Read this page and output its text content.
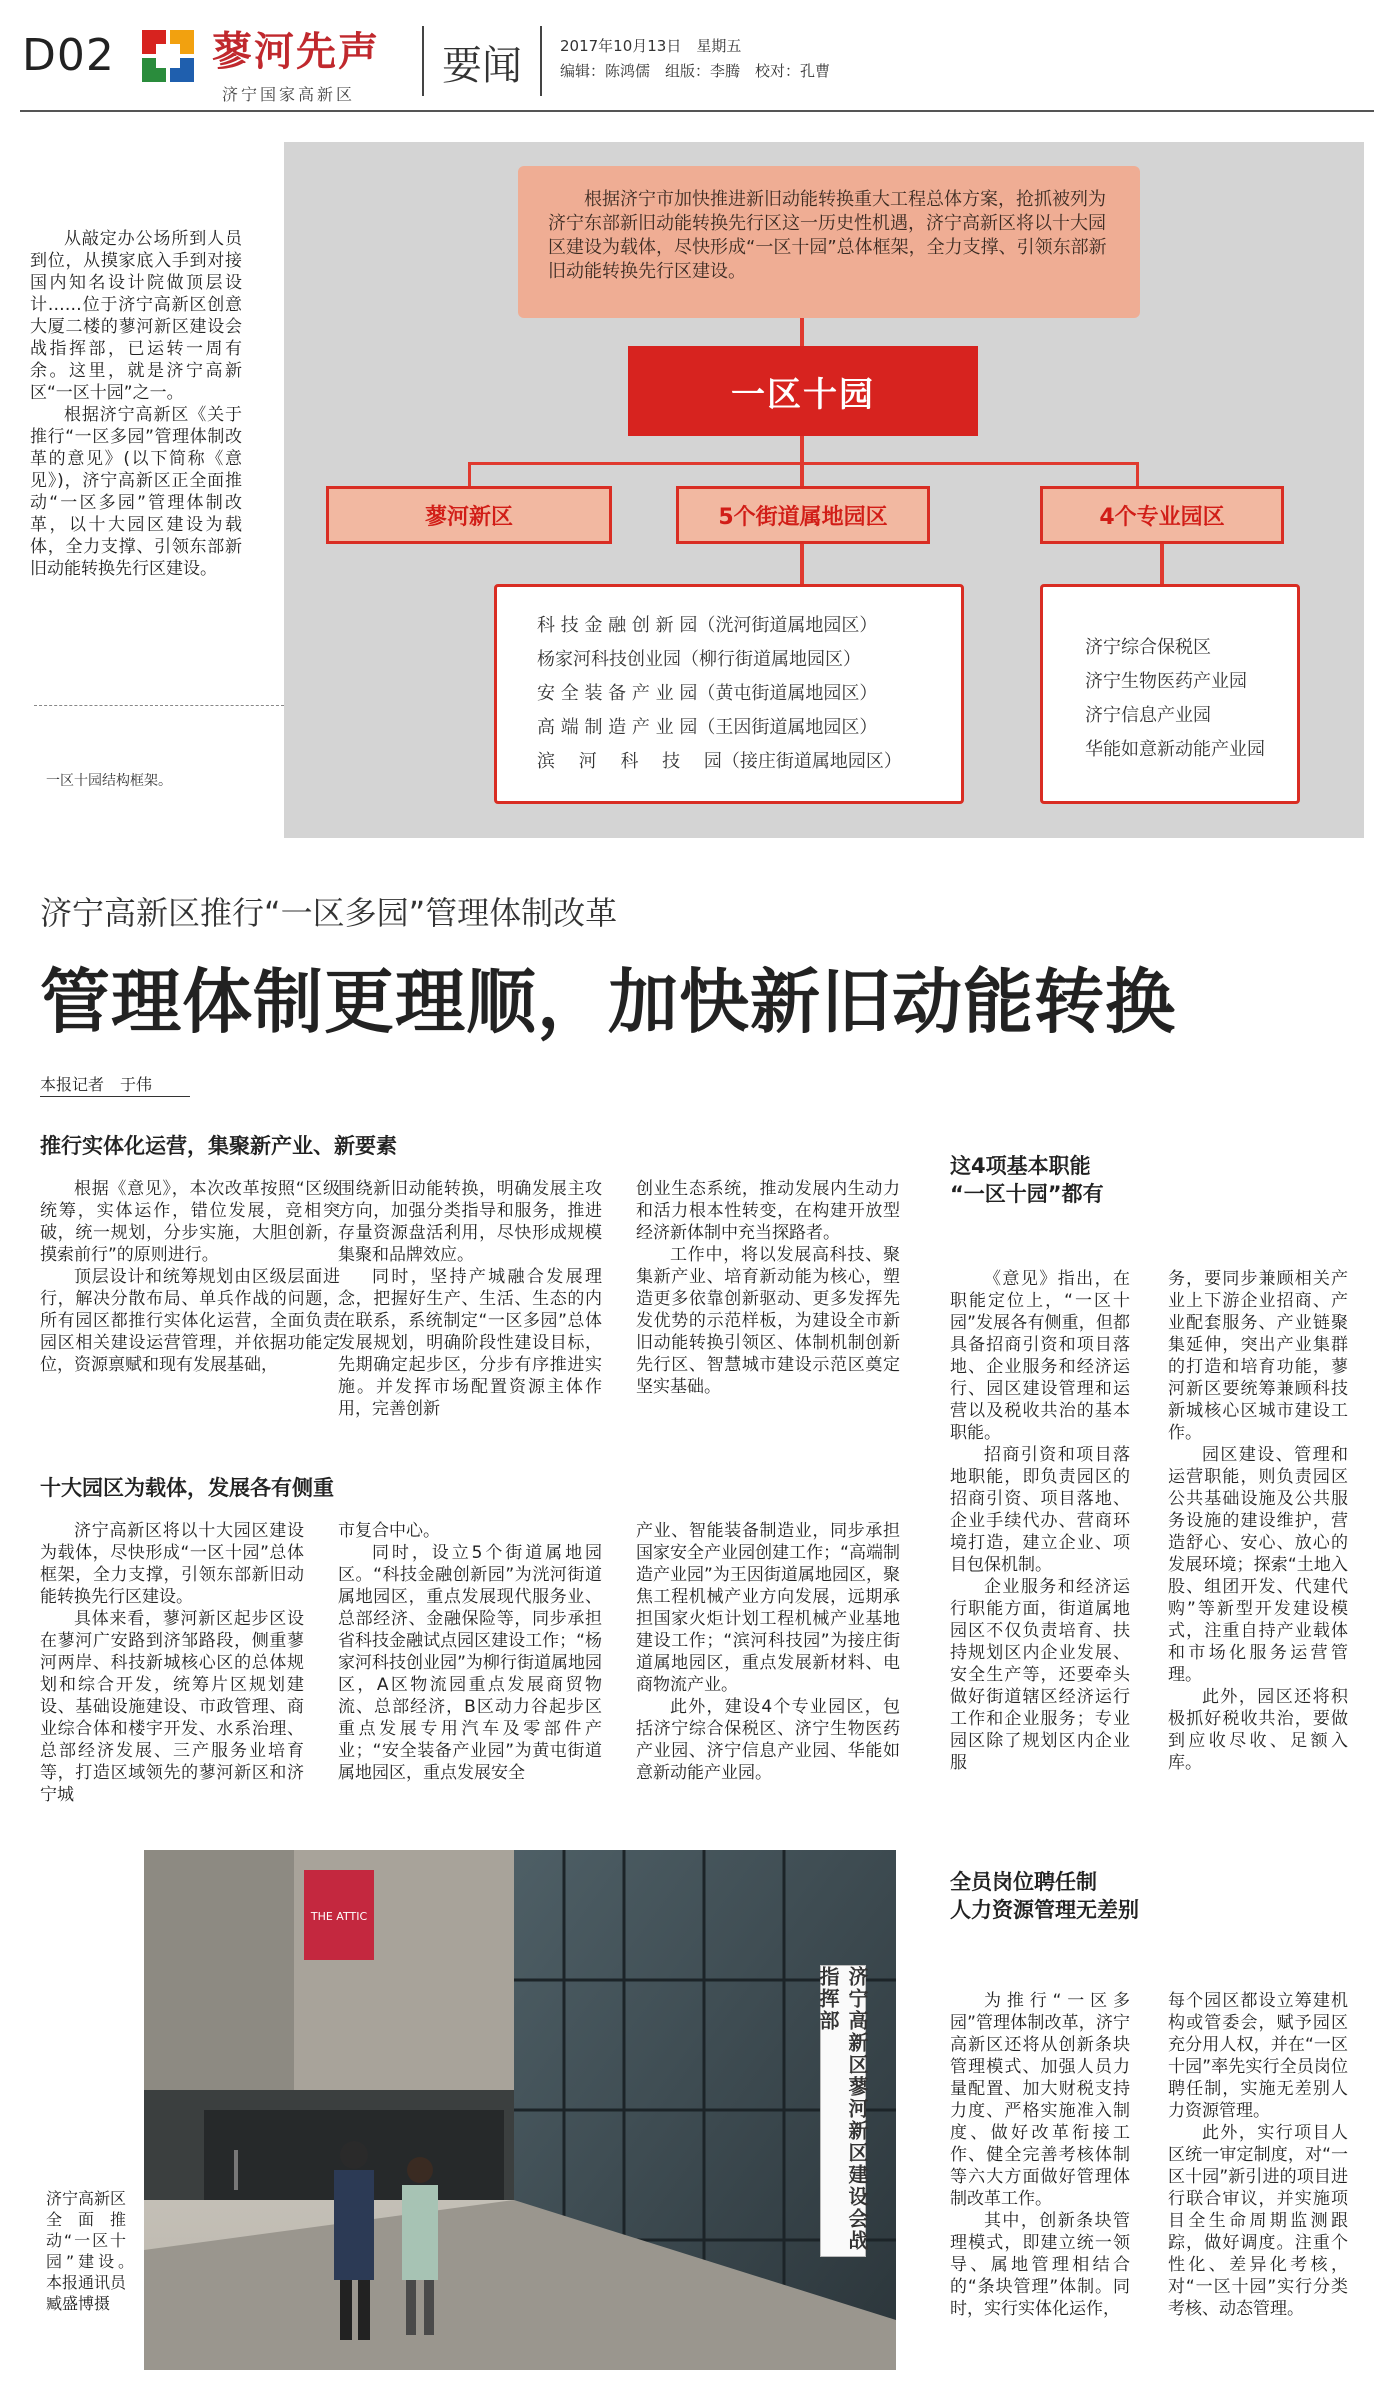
D02 蓼河先声
济宁国家高新区
要闻	2017年10月13日　星期五
编辑：陈鸿儒　组版：李腾　校对：孔曹

从敲定办公场所到人员到位，从摸家底入手到对接国内知名设计院做顶层设计……位于济宁高新区创意大厦二楼的蓼河新区建设会战指挥部，已运转一周有余。这里，就是济宁高新区“一区十园”之一。

根据济宁高新区《关于推行“一区多园”管理体制改革的意见》(以下简称《意见》)，济宁高新区正全面推动“一区多园”管理体制改革，以十大园区建设为载体，全力支撑、引领东部新旧动能转换先行区建设。

一区十园结构框架。
根据济宁市加快推进新旧动能转换重大工程总体方案，抢抓被列为济宁东部新旧动能转换先行区这一历史性机遇，济宁高新区将以十大园区建设为载体，尽快形成“一区十园”总体框架，全力支撑、引领东部新旧动能转换先行区建设。
一区十园
蓼河新区	5个街道属地园区	4个专业园区
科 技 金 融 创 新 园（洸河街道属地园区）
杨家河科技创业园（柳行街道属地园区）
安 全 装 备 产 业 园（黄屯街道属地园区）
高 端 制 造 产 业 园（王因街道属地园区）
滨　 河 　科 　技 　园（接庄街道属地园区）
济宁综合保税区
济宁生物医药产业园
济宁信息产业园
华能如意新动能产业园
济宁高新区推行“一区多园”管理体制改革
管理体制更理顺，加快新旧动能转换
本报记者　于伟
推行实体化运营，集聚新产业、新要素

根据《意见》，本次改革按照“区级统筹，实体运作，错位发展，竞相突破，统一规划，分步实施，大胆创新，摸索前行”的原则进行。

顶层设计和统筹规划由区级层面进行，解决分散布局、单兵作战的问题，所有园区都推行实体化运营，全面负责园区相关建设运营管理，并依据功能定位，资源禀赋和现有发展基础，

围绕新旧动能转换，明确发展主攻方向，加强分类指导和服务，推进存量资源盘活利用，尽快形成规模集聚和品牌效应。

同时，坚持产城融合发展理念，把握好生产、生活、生态的内在联系，系统制定“一区多园”总体发展规划，明确阶段性建设目标，先期确定起步区，分步有序推进实施。并发挥市场配置资源主体作用，完善创新

创业生态系统，推动发展内生动力和活力根本性转变，在构建开放型经济新体制中充当探路者。

工作中，将以发展高科技、聚集新产业、培育新动能为核心，塑造更多依靠创新驱动、更多发挥先发优势的示范样板，为建设全市新旧动能转换引领区、体制机制创新先行区、智慧城市建设示范区奠定坚实基础。

十大园区为载体，发展各有侧重

济宁高新区将以十大园区建设为载体，尽快形成“一区十园”总体框架，全力支撑，引领东部新旧动能转换先行区建设。

具体来看，蓼河新区起步区设在蓼河广安路到济邹路段，侧重蓼河两岸、科技新城核心区的总体规划和综合开发，统筹片区规划建设、基础设施建设、市政管理、商业综合体和楼宇开发、水系治理、总部经济发展、三产服务业培育等，打造区域领先的蓼河新区和济宁城

市复合中心。

同时，设立5个街道属地园区。“科技金融创新园”为洸河街道属地园区，重点发展现代服务业、总部经济、金融保险等，同步承担省科技金融试点园区建设工作；“杨家河科技创业园”为柳行街道属地园区，A区物流园重点发展商贸物流、总部经济，B区动力谷起步区重点发展专用汽车及零部件产业；“安全装备产业园”为黄屯街道属地园区，重点发展安全

产业、智能装备制造业，同步承担国家安全产业园创建工作；“高端制造产业园”为王因街道属地园区，聚焦工程机械产业方向发展，远期承担国家火炬计划工程机械产业基地建设工作；“滨河科技园”为接庄街道属地园区，重点发展新材料、电商物流产业。

此外，建设4个专业园区，包括济宁综合保税区、济宁生物医药产业园、济宁信息产业园、华能如意新动能产业园。

这4项基本职能
“一区十园”都有

《意见》指出，在职能定位上，“一区十园”发展各有侧重，但都具备招商引资和项目落地、企业服务和经济运行、园区建设管理和运营以及税收共治的基本职能。

招商引资和项目落地职能，即负责园区的招商引资、项目落地、企业手续代办、营商环境打造，建立企业、项目包保机制。

企业服务和经济运行职能方面，街道属地园区不仅负责培育、扶持规划区内企业发展、安全生产等，还要牵头做好街道辖区经济运行工作和企业服务；专业园区除了规划区内企业服

务，要同步兼顾相关产业上下游企业招商、产业配套服务、产业链聚集延伸，突出产业集群的打造和培育功能，蓼河新区要统筹兼顾科技新城核心区城市建设工作。

园区建设、管理和运营职能，则负责园区公共基础设施及公共服务设施的建设维护，营造舒心、安心、放心的发展环境；探索“土地入股、组团开发、代建代购”等新型开发建设模式，注重自持产业载体和市场化服务运营管理。

此外，园区还将积极抓好税收共治，要做到应收尽收、足额入库。

全员岗位聘任制
人力资源管理无差别

为推行“一区多园”管理体制改革，济宁高新区还将从创新条块管理模式、加强人员力量配置、加大财税支持力度、严格实施准入制度、做好改革衔接工作、健全完善考核体制等六大方面做好管理体制改革工作。

其中，创新条块管理模式，即建立统一领导、属地管理相结合的“条块管理”体制。同时，实行实体化运作，

每个园区都设立筹建机构或管委会，赋予园区充分用人权，并在“一区十园”率先实行全员岗位聘任制，实施无差别人力资源管理。

此外，实行项目人区统一审定制度，对“一区十园”新引进的项目进行联合审议，并实施项目全生命周期监测跟踪，做好调度。注重个性化、差异化考核，对“一区十园”实行分类考核、动态管理。

THE ATTIC
济宁高新区蓼河新区建设会战指挥部
济宁高新区全面推动“一区十园”建设。　本报通讯员臧盛博摄
